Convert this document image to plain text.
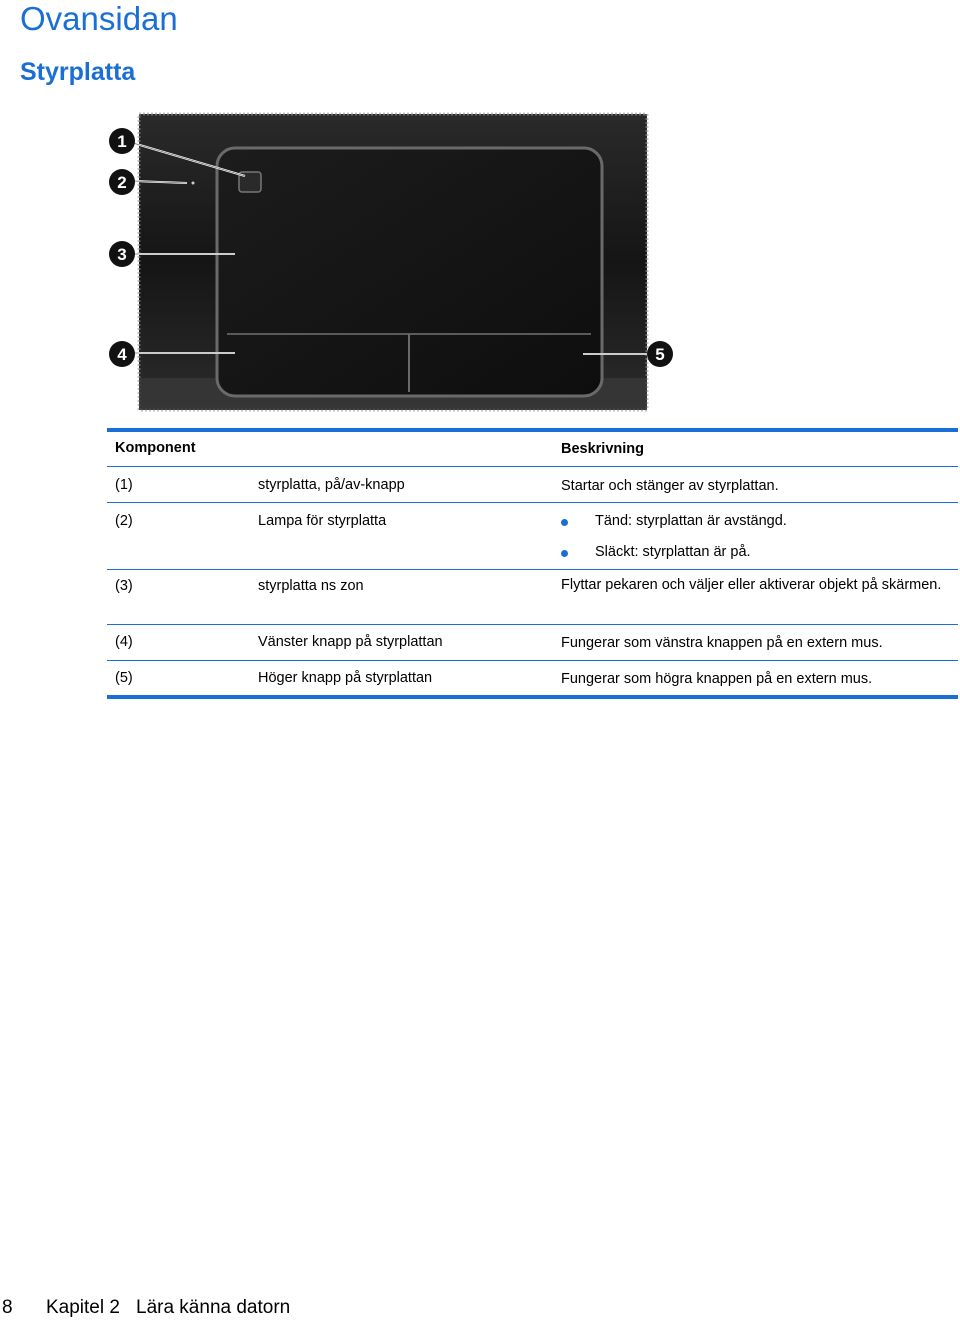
Ovansidan
Styrplatta
1
2
3
4	5
Komponent	Beskrivning
(1)	styrplatta, på/av-knapp	Startar och stänger av styrplattan.
(2)	Lampa för styrplatta	Tänd: styrplattan är avstängd.
Släckt: styrplattan är på.
(3)	styrplatta ns zon	Flyttar pekaren och väljer eller aktiverar objekt på skärmen.
(4)	Vänster knapp på styrplattan	Fungerar som vänstra knappen på en extern mus.
(5)	Höger knapp på styrplattan	Fungerar som högra knappen på en extern mus.
8 Kapitel 2 Lära känna datorn
